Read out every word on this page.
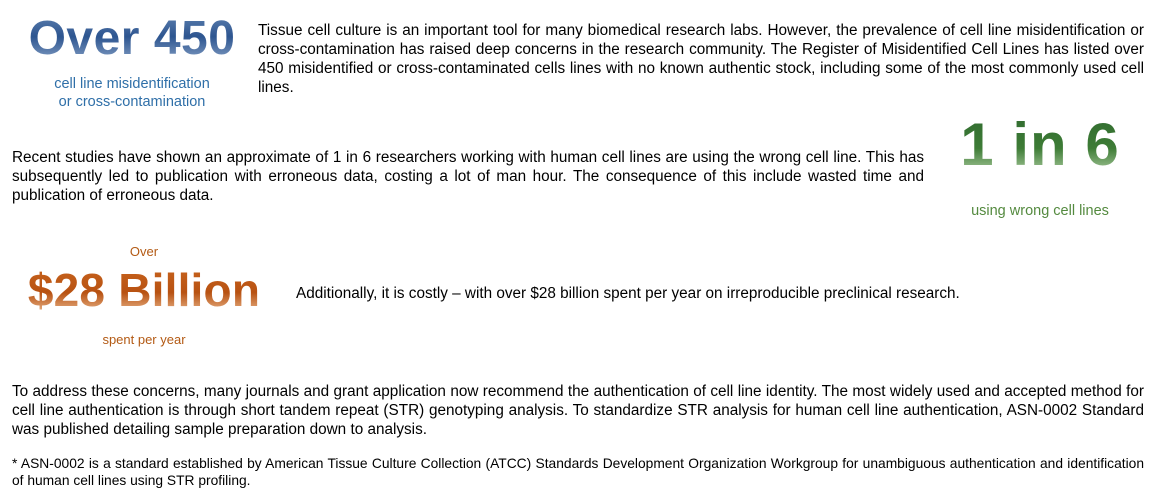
Over 450
cell line misidentification
or cross-contamination
Tissue cell culture is an important tool for many biomedical research labs. However, the prevalence of cell line misidentification or cross-contamination has raised deep concerns in the research community. The Register of Misidentified Cell Lines has listed over 450 misidentified or cross-contaminated cells lines with no known authentic stock, including some of the most commonly used cell lines.
Recent studies have shown an approximate of 1 in 6 researchers working with human cell lines are using the wrong cell line. This has subsequently led to publication with erroneous data, costing a lot of man hour. The consequence of this include wasted time and publication of erroneous data.
1 in 6
using wrong cell lines
Over
$28 Billion
spent per year
Additionally, it is costly – with over $28 billion spent per year on irreproducible preclinical research.
To address these concerns, many journals and grant application now recommend the authentication of cell line identity. The most widely used and accepted method for cell line authentication is through short tandem repeat (STR) genotyping analysis. To standardize STR analysis for human cell line authentication, ASN-0002 Standard was published detailing sample preparation down to analysis.
* ASN-0002 is a standard established by American Tissue Culture Collection (ATCC) Standards Development Organization Workgroup for unambiguous authentication and identification of human cell lines using STR profiling.
